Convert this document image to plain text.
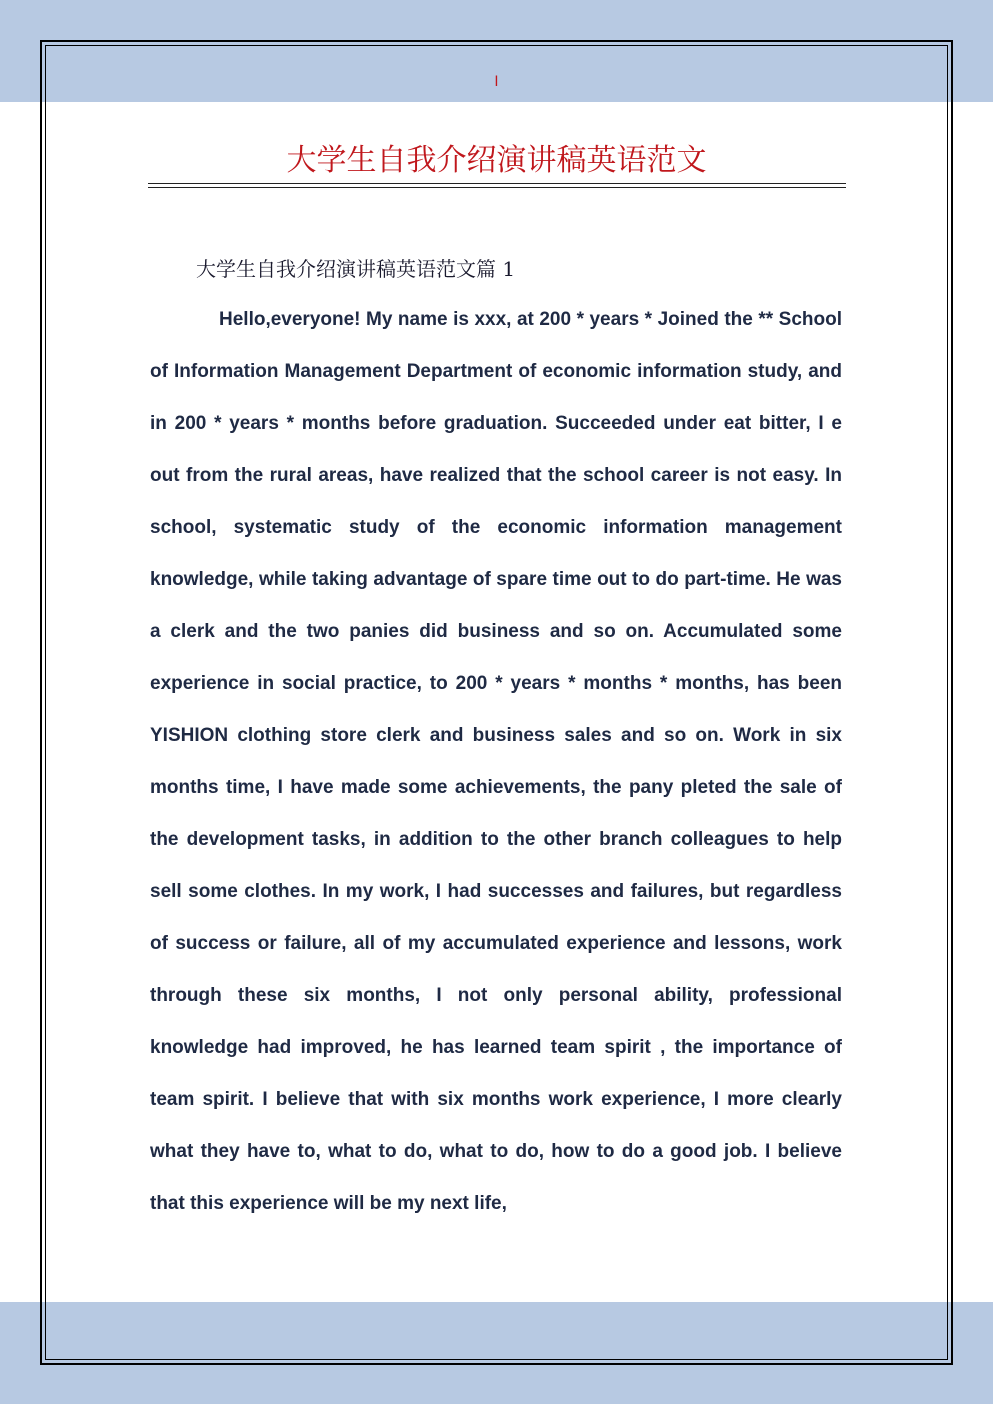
I
大学生自我介绍演讲稿英语范文
大学生自我介绍演讲稿英语范文篇 1

Hello,everyone! My name is xxx, at 200 * years * Joined the ** School of Information Management Department of economic information study, and in 200 * years * months before graduation. Succeeded under eat bitter, I e out from the rural areas, have realized that the school career is not easy. In school, systematic study of the economic information management knowledge, while taking advantage of spare time out to do part-time. He was a clerk and the two panies did business and so on. Accumulated some experience in social practice, to 200 * years * months * months, has been YISHION clothing store clerk and business sales and so on. Work in six months time, I have made some achievements, the pany pleted the sale of the development tasks, in addition to the other branch colleagues to help sell some clothes. In my work, I had successes and failures, but regardless of success or failure, all of my accumulated experience and lessons, work through these six months, I not only personal ability, professional knowledge had improved, he has learned team spirit , the importance of team spirit. I believe that with six months work experience, I more clearly what they have to, what to do, what to do, how to do a good job. I believe that this experience will be my next life,
